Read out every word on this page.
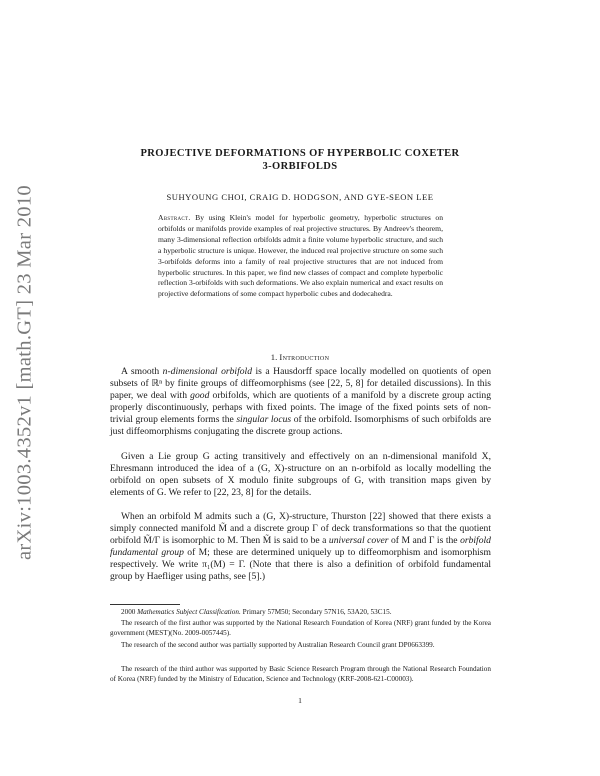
arXiv:1003.4352v1 [math.GT] 23 Mar 2010
PROJECTIVE DEFORMATIONS OF HYPERBOLIC COXETER
3-ORBIFOLDS
SUHYOUNG CHOI, CRAIG D. HODGSON, AND GYE-SEON LEE
Abstract. By using Klein's model for hyperbolic geometry, hyperbolic structures on orbifolds or manifolds provide examples of real projective structures. By Andreev's theorem, many 3-dimensional reflection orbifolds admit a finite volume hyperbolic structure, and such a hyperbolic structure is unique. However, the induced real projective structure on some such 3-orbifolds deforms into a family of real projective structures that are not induced from hyperbolic structures. In this paper, we find new classes of compact and complete hyperbolic reflection 3-orbifolds with such deformations. We also explain numerical and exact results on projective deformations of some compact hyperbolic cubes and dodecahedra.
1. Introduction

A smooth n-dimensional orbifold is a Hausdorff space locally modelled on quotients of open subsets of ℝⁿ by finite groups of diffeomorphisms (see [22, 5, 8] for detailed discussions). In this paper, we deal with good orbifolds, which are quotients of a manifold by a discrete group acting properly discontinuously, perhaps with fixed points. The image of the fixed points sets of non-trivial group elements forms the singular locus of the orbifold. Isomorphisms of such orbifolds are just diffeomorphisms conjugating the discrete group actions.

Given a Lie group G acting transitively and effectively on an n-dimensional manifold X, Ehresmann introduced the idea of a (G, X)-structure on an n-orbifold as locally modelling the orbifold on open subsets of X modulo finite subgroups of G, with transition maps given by elements of G. We refer to [22, 23, 8] for the details.

When an orbifold M admits such a (G, X)-structure, Thurston [22] showed that there exists a simply connected manifold M̃ and a discrete group Γ of deck transformations so that the quotient orbifold M̃/Γ is isomorphic to M. Then M̃ is said to be a universal cover of M and Γ is the orbifold fundamental group of M; these are determined uniquely up to diffeomorphism and isomorphism respectively. We write π₁(M) = Γ. (Note that there is also a definition of orbifold fundamental group by Haefliger using paths, see [5].)

2000 Mathematics Subject Classification. Primary 57M50; Secondary 57N16, 53A20, 53C15.

The research of the first author was supported by the National Research Foundation of Korea (NRF) grant funded by the Korea government (MEST)(No. 2009-0057445).

The research of the second author was partially supported by Australian Research Council grant DP0663399.

The research of the third author was supported by Basic Science Research Program through the National Research Foundation of Korea (NRF) funded by the Ministry of Education, Science and Technology (KRF-2008-621-C00003).

1
